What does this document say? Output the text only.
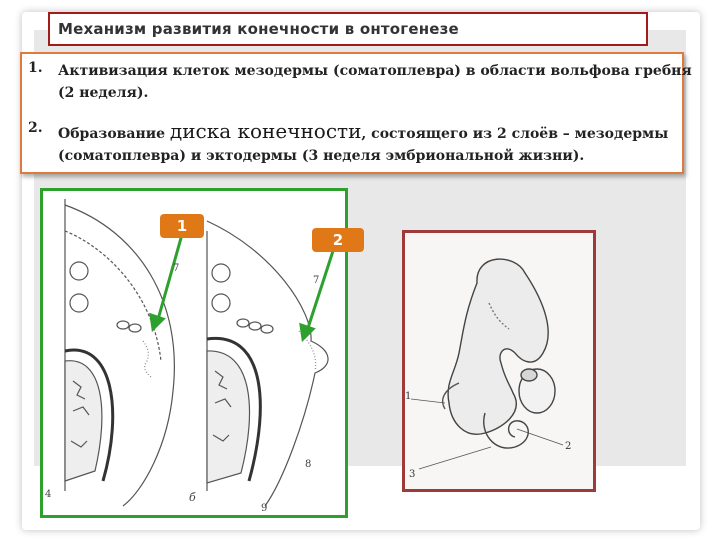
Механизм развития конечности в онтогенезе
1. Активизация клеток мезодермы (соматоплевра) в области вольфова гребня
(2 неделя).
2. Образование диска конечности, состоящего из 2 слоёв – мезодермы
(соматоплевра) и эктодермы (3 неделя эмбриональной жизни).
7
7
8
9
б
4
1
2
1
2
3
